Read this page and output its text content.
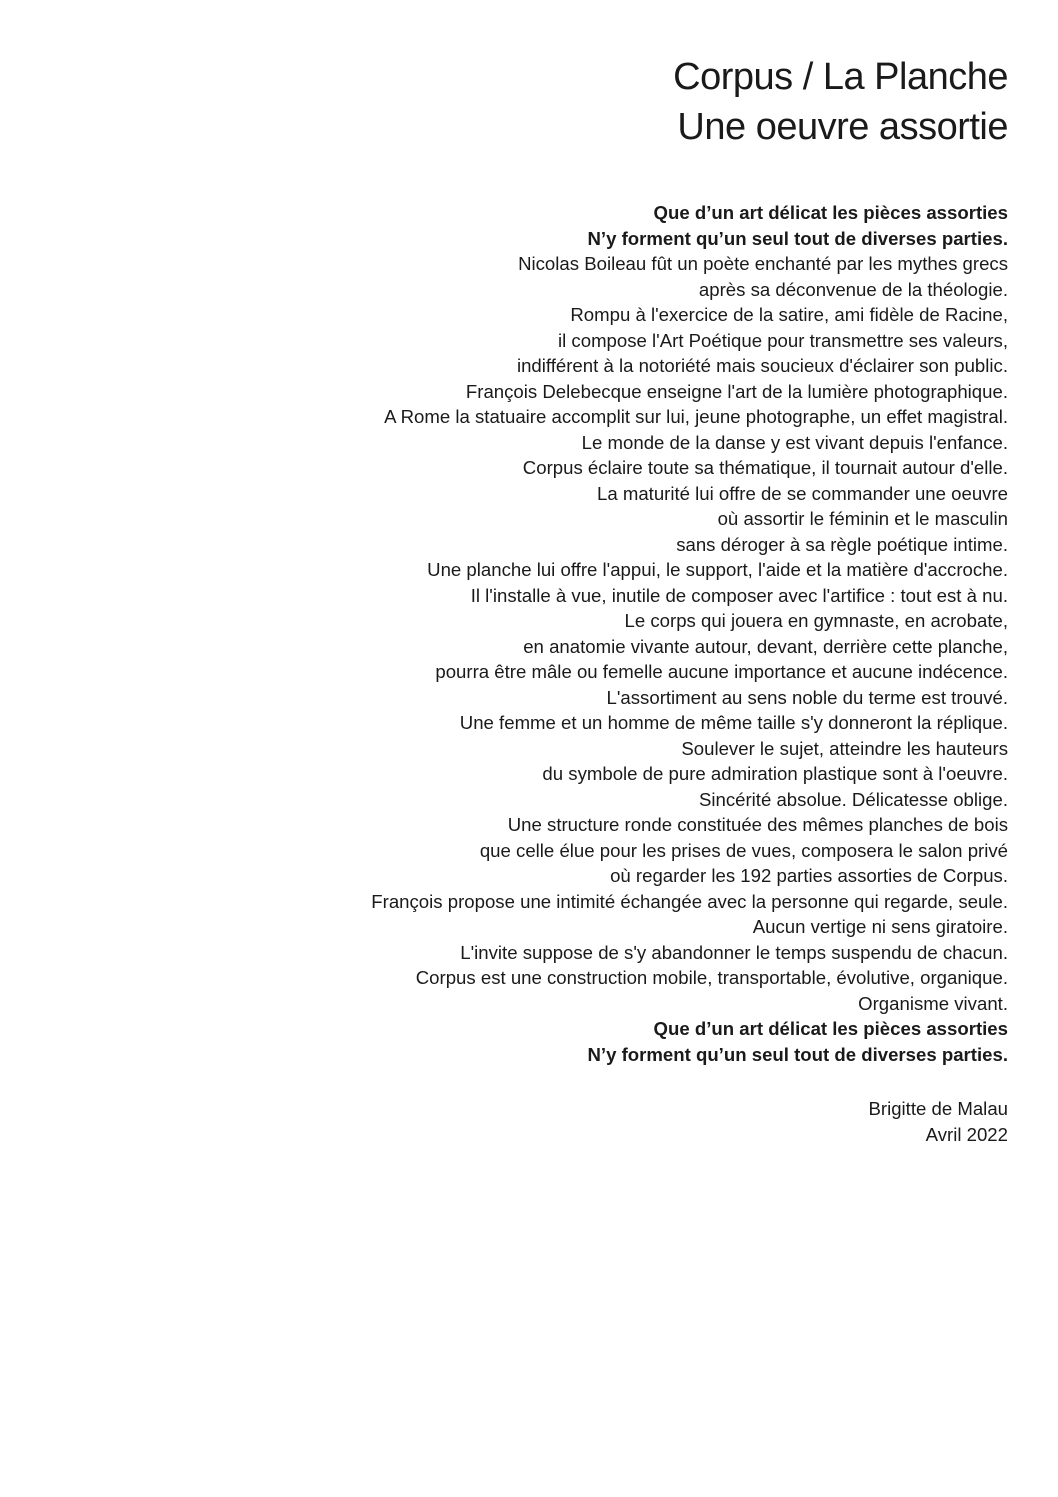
Corpus / La Planche
Une oeuvre assortie
Que d’un art délicat les pièces assorties
N’y forment qu’un seul tout de diverses parties.
Nicolas Boileau fût un poète enchanté par les mythes grecs
après sa déconvenue de la théologie.
Rompu à l'exercice de la satire, ami fidèle de Racine,
il compose l'Art Poétique pour transmettre ses valeurs,
indifférent à la notoriété mais soucieux d'éclairer son public.
François Delebecque enseigne l'art de la lumière photographique.
A Rome la statuaire accomplit sur lui, jeune photographe, un effet magistral.
Le monde de la danse y est vivant depuis l'enfance.
Corpus éclaire toute sa thématique, il tournait autour d'elle.
La maturité lui offre de se commander une oeuvre
où assortir le féminin et le masculin
sans déroger à sa règle poétique intime.
Une planche lui offre l'appui, le support, l'aide et la matière d'accroche.
Il l'installe à vue, inutile de composer avec l'artifice : tout est à nu.
Le corps qui jouera en gymnaste, en acrobate,
en anatomie vivante autour, devant, derrière cette planche,
pourra être mâle ou femelle aucune importance et aucune indécence.
L'assortiment au sens noble du terme est trouvé.
Une femme et un homme de même taille s'y donneront la réplique.
Soulever le sujet, atteindre les hauteurs
du symbole de pure admiration plastique sont à l'oeuvre.
Sincérité absolue. Délicatesse oblige.
Une structure ronde constituée des mêmes planches de bois
que celle élue pour les prises de vues, composera le salon privé
où regarder les 192 parties assorties de Corpus.
François propose une intimité échangée avec la personne qui regarde, seule.
Aucun vertige ni sens giratoire.
L'invite suppose de s'y abandonner le temps suspendu de chacun.
Corpus est une construction mobile, transportable, évolutive, organique.
Organisme vivant.
Que d’un art délicat les pièces assorties
N’y forment qu’un seul tout de diverses parties.
Brigitte de Malau
Avril 2022
